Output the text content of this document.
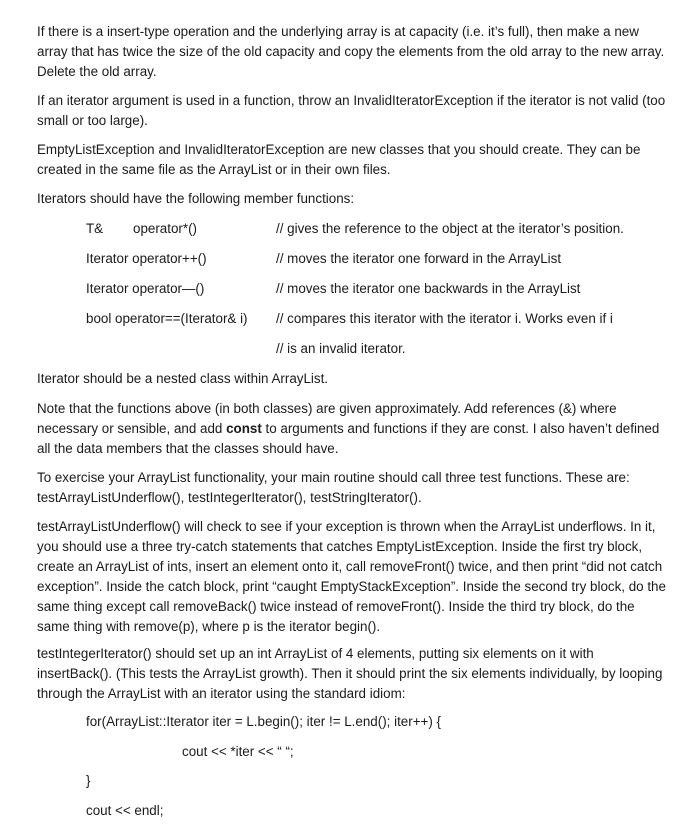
If there is a insert-type operation and the underlying array is at capacity (i.e. it’s full), then make a new array that has twice the size of the old capacity and copy the elements from the old array to the new array. Delete the old array.

If an iterator argument is used in a function, throw an InvalidIteratorException if the iterator is not valid (too small or too large).

EmptyListException and InvalidIteratorException are new classes that you should create. They can be created in the same file as the ArrayList or in their own files.

Iterators should have the following member functions:

T& operator*()	// gives the reference to the object at the iterator’s position.
Iterator operator++()	// moves the iterator one forward in the ArrayList
Iterator operator—()	// moves the iterator one backwards in the ArrayList
bool operator==(Iterator& i) // compares this iterator with the iterator i. Works even if i
// is an invalid iterator.

Iterator should be a nested class within ArrayList.

Note that the functions above (in both classes) are given approximately. Add references (&) where necessary or sensible, and add const to arguments and functions if they are const. I also haven’t defined all the data members that the classes should have.

To exercise your ArrayList functionality, your main routine should call three test functions. These are: testArrayListUnderflow(), testIntegerIterator(), testStringIterator().

testArrayListUnderflow() will check to see if your exception is thrown when the ArrayList underflows. In it, you should use a three try-catch statements that catches EmptyListException. Inside the first try block, create an ArrayList of ints, insert an element onto it, call removeFront() twice, and then print “did not catch exception”. Inside the catch block, print “caught EmptyStackException”. Inside the second try block, do the same thing except call removeBack() twice instead of removeFront(). Inside the third try block, do the same thing with remove(p), where p is the iterator begin().

testIntegerIterator() should set up an int ArrayList of 4 elements, putting six elements on it with insertBack(). (This tests the ArrayList growth). Then it should print the six elements individually, by looping through the ArrayList with an iterator using the standard idiom:

for(ArrayList::Iterator iter = L.begin(); iter != L.end(); iter++) {
cout << *iter << “ “;
}
cout << endl;
